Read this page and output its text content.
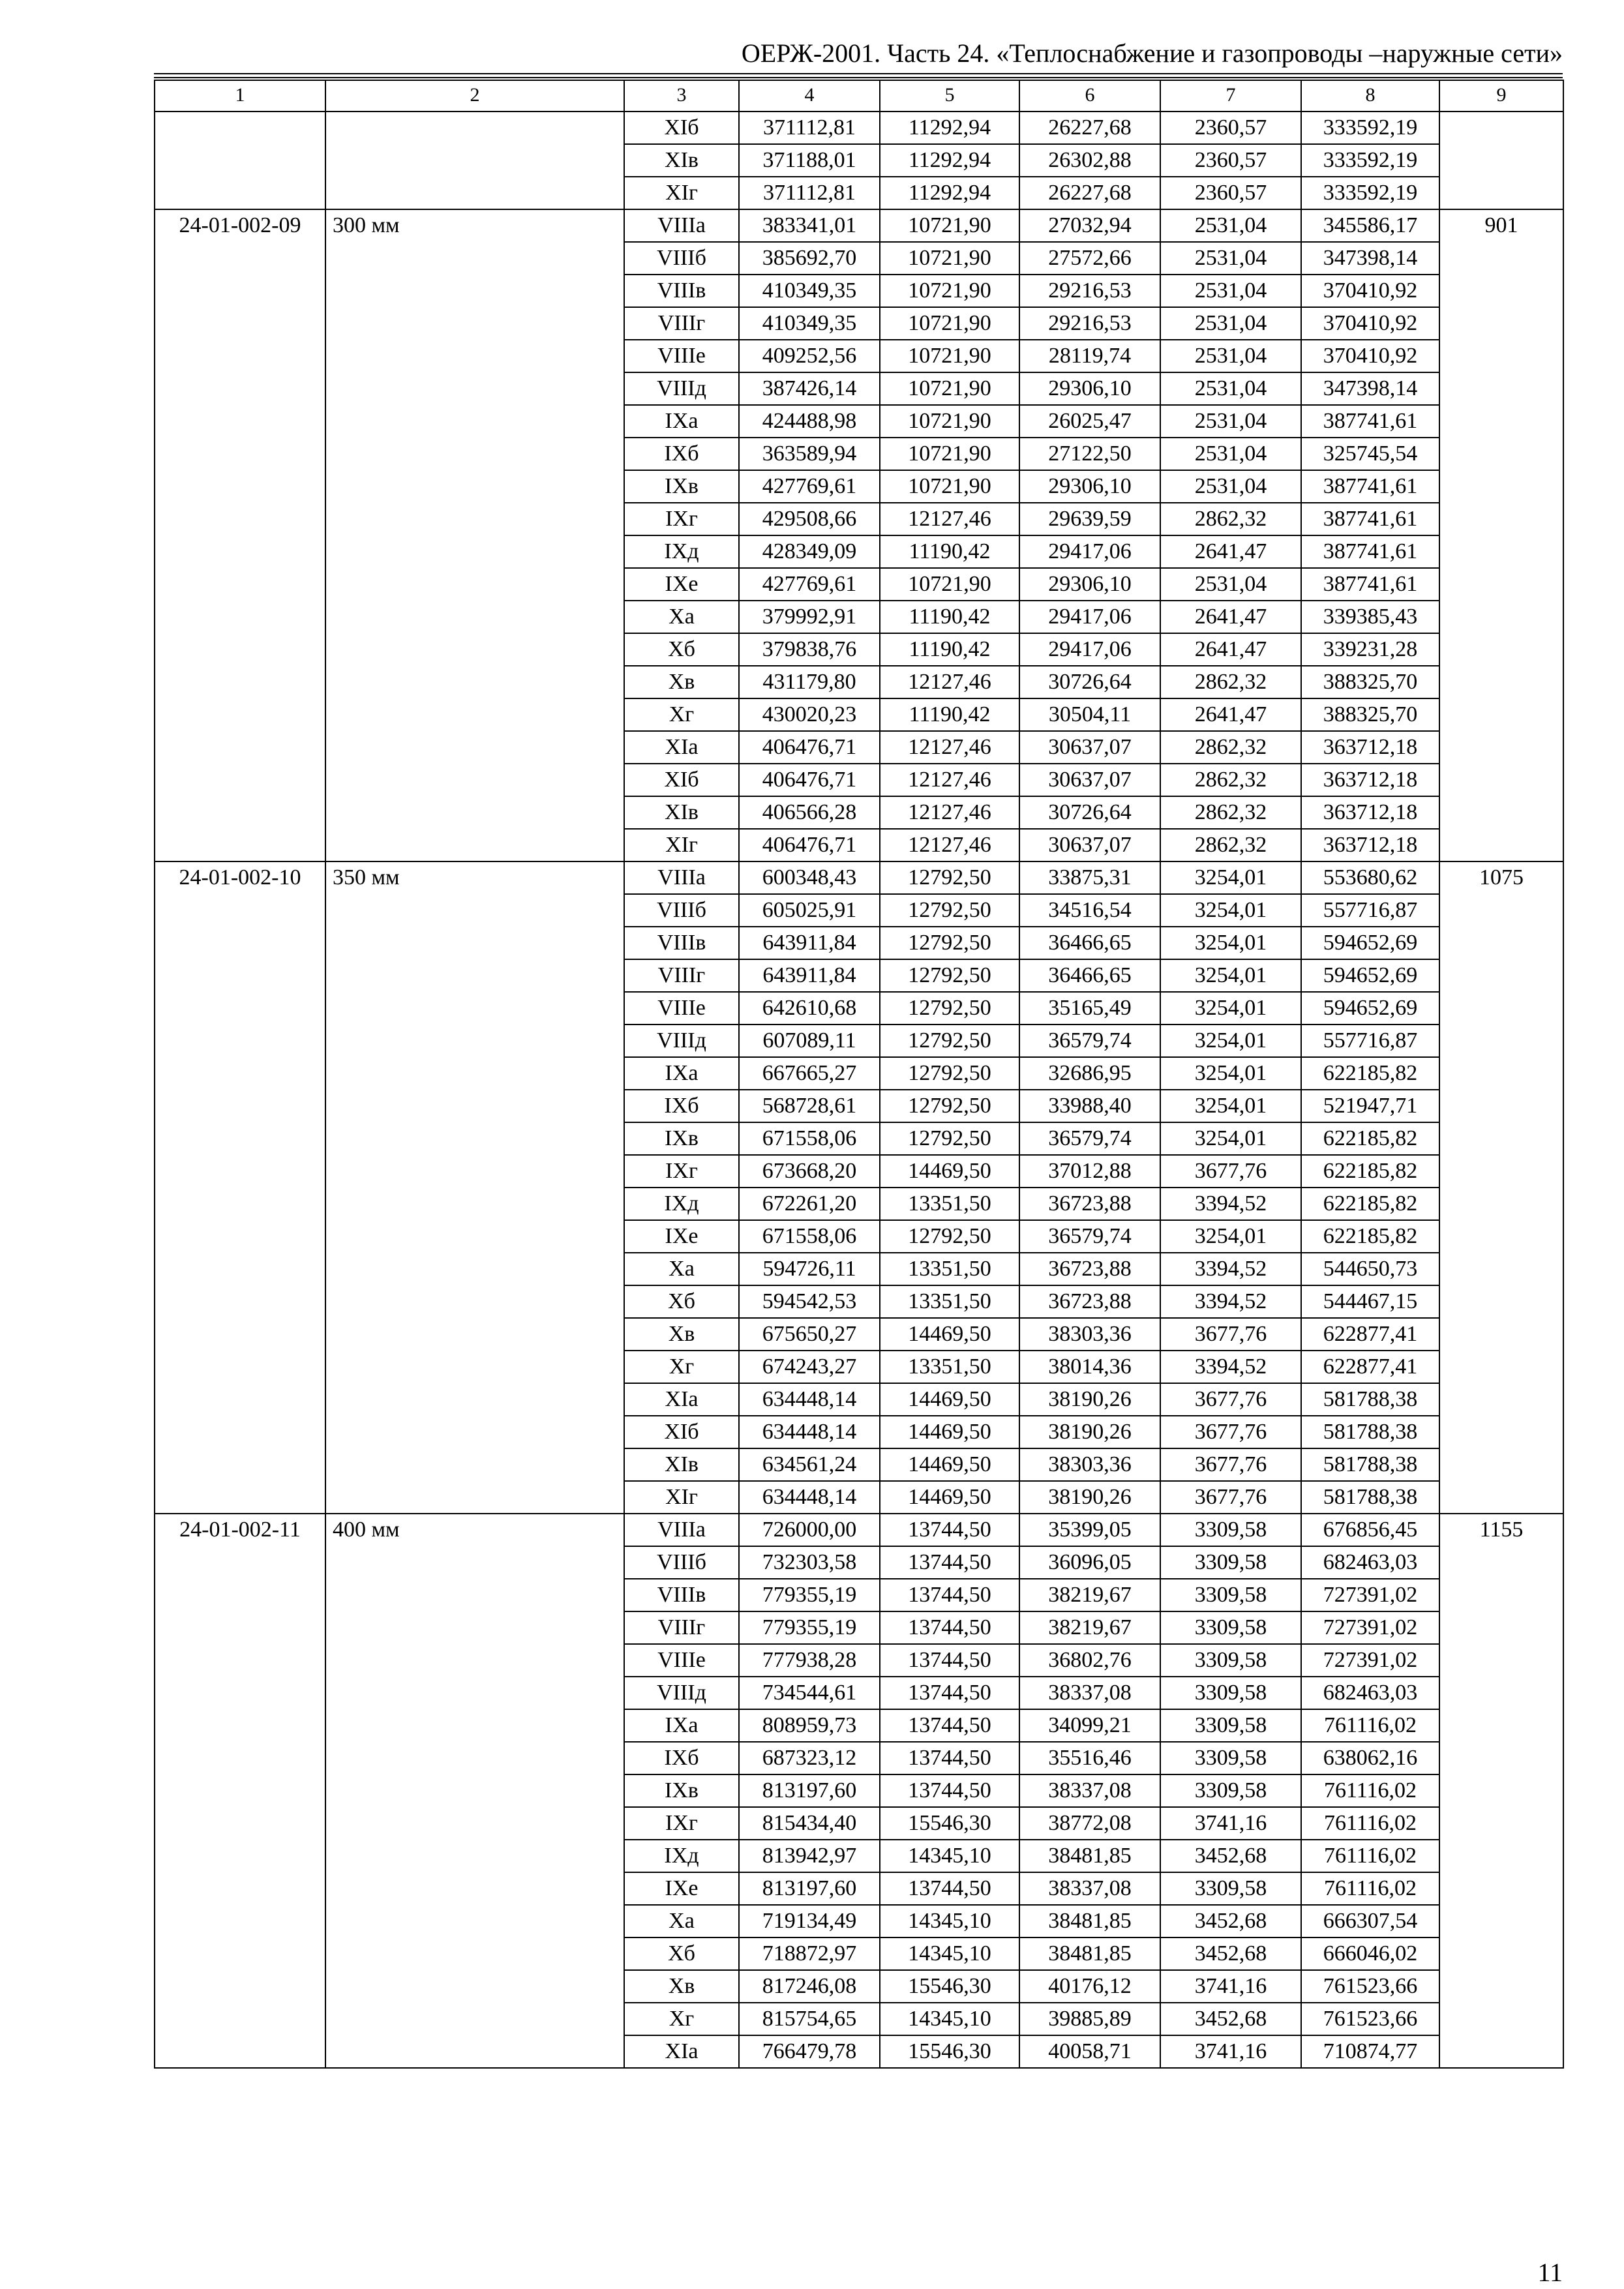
ОЕРЖ-2001. Часть 24. «Теплоснабжение и газопроводы –наружные сети»
1	2	3	4	5	6	7	8	9
		XIб	371112,81	11292,94	26227,68	2360,57	333592,19	
		XIв	371188,01	11292,94	26302,88	2360,57	333592,19	
		XIг	371112,81	11292,94	26227,68	2360,57	333592,19	
24-01-002-09	300 мм	VIIIа	383341,01	10721,90	27032,94	2531,04	345586,17	901
		VIIIб	385692,70	10721,90	27572,66	2531,04	347398,14	
		VIIIв	410349,35	10721,90	29216,53	2531,04	370410,92	
		VIIIг	410349,35	10721,90	29216,53	2531,04	370410,92	
		VIIIе	409252,56	10721,90	28119,74	2531,04	370410,92	
		VIIIд	387426,14	10721,90	29306,10	2531,04	347398,14	
		IXа	424488,98	10721,90	26025,47	2531,04	387741,61	
		IXб	363589,94	10721,90	27122,50	2531,04	325745,54	
		IXв	427769,61	10721,90	29306,10	2531,04	387741,61	
		IXг	429508,66	12127,46	29639,59	2862,32	387741,61	
		IXд	428349,09	11190,42	29417,06	2641,47	387741,61	
		IXе	427769,61	10721,90	29306,10	2531,04	387741,61	
		Xа	379992,91	11190,42	29417,06	2641,47	339385,43	
		Xб	379838,76	11190,42	29417,06	2641,47	339231,28	
		Xв	431179,80	12127,46	30726,64	2862,32	388325,70	
		Xг	430020,23	11190,42	30504,11	2641,47	388325,70	
		XIа	406476,71	12127,46	30637,07	2862,32	363712,18	
		XIб	406476,71	12127,46	30637,07	2862,32	363712,18	
		XIв	406566,28	12127,46	30726,64	2862,32	363712,18	
		XIг	406476,71	12127,46	30637,07	2862,32	363712,18	
24-01-002-10	350 мм	VIIIа	600348,43	12792,50	33875,31	3254,01	553680,62	1075
		VIIIб	605025,91	12792,50	34516,54	3254,01	557716,87	
		VIIIв	643911,84	12792,50	36466,65	3254,01	594652,69	
		VIIIг	643911,84	12792,50	36466,65	3254,01	594652,69	
		VIIIе	642610,68	12792,50	35165,49	3254,01	594652,69	
		VIIIд	607089,11	12792,50	36579,74	3254,01	557716,87	
		IXа	667665,27	12792,50	32686,95	3254,01	622185,82	
		IXб	568728,61	12792,50	33988,40	3254,01	521947,71	
		IXв	671558,06	12792,50	36579,74	3254,01	622185,82	
		IXг	673668,20	14469,50	37012,88	3677,76	622185,82	
		IXд	672261,20	13351,50	36723,88	3394,52	622185,82	
		IXе	671558,06	12792,50	36579,74	3254,01	622185,82	
		Xа	594726,11	13351,50	36723,88	3394,52	544650,73	
		Xб	594542,53	13351,50	36723,88	3394,52	544467,15	
		Xв	675650,27	14469,50	38303,36	3677,76	622877,41	
		Xг	674243,27	13351,50	38014,36	3394,52	622877,41	
		XIа	634448,14	14469,50	38190,26	3677,76	581788,38	
		XIб	634448,14	14469,50	38190,26	3677,76	581788,38	
		XIв	634561,24	14469,50	38303,36	3677,76	581788,38	
		XIг	634448,14	14469,50	38190,26	3677,76	581788,38	
24-01-002-11	400 мм	VIIIа	726000,00	13744,50	35399,05	3309,58	676856,45	1155
		VIIIб	732303,58	13744,50	36096,05	3309,58	682463,03	
		VIIIв	779355,19	13744,50	38219,67	3309,58	727391,02	
		VIIIг	779355,19	13744,50	38219,67	3309,58	727391,02	
		VIIIе	777938,28	13744,50	36802,76	3309,58	727391,02	
		VIIIд	734544,61	13744,50	38337,08	3309,58	682463,03	
		IXа	808959,73	13744,50	34099,21	3309,58	761116,02	
		IXб	687323,12	13744,50	35516,46	3309,58	638062,16	
		IXв	813197,60	13744,50	38337,08	3309,58	761116,02	
		IXг	815434,40	15546,30	38772,08	3741,16	761116,02	
		IXд	813942,97	14345,10	38481,85	3452,68	761116,02	
		IXе	813197,60	13744,50	38337,08	3309,58	761116,02	
		Xа	719134,49	14345,10	38481,85	3452,68	666307,54	
		Xб	718872,97	14345,10	38481,85	3452,68	666046,02	
		Xв	817246,08	15546,30	40176,12	3741,16	761523,66	
		Xг	815754,65	14345,10	39885,89	3452,68	761523,66	
		XIа	766479,78	15546,30	40058,71	3741,16	710874,77	
11
